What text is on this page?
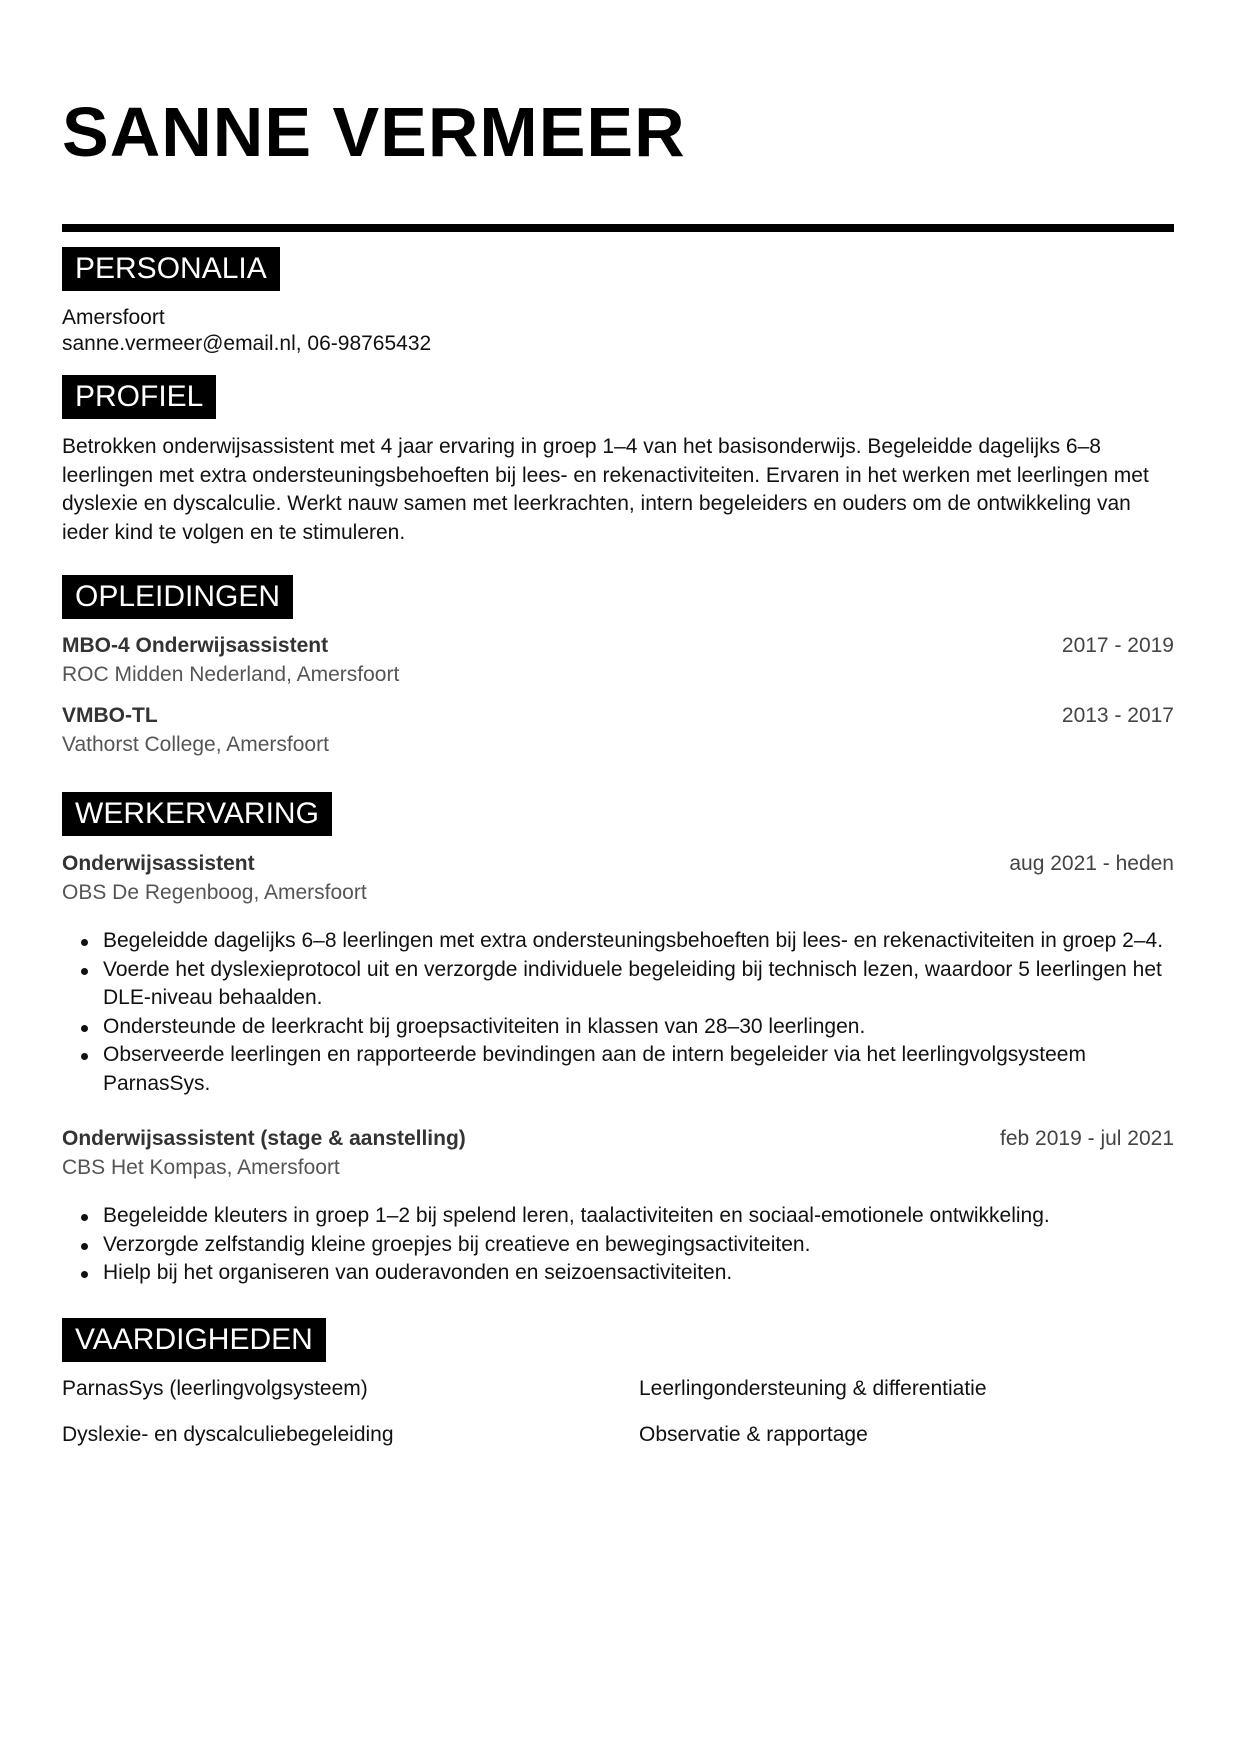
SANNE VERMEER
PERSONALIA
Amersfoort
sanne.vermeer@email.nl, 06-98765432
PROFIEL

Betrokken onderwijsassistent met 4 jaar ervaring in groep 1–4 van het basisonderwijs. Begeleidde dagelijks 6–8 leerlingen met extra ondersteuningsbehoeften bij lees- en rekenactiviteiten. Ervaren in het werken met leerlingen met dyslexie en dyscalculie. Werkt nauw samen met leerkrachten, intern begeleiders en ouders om de ontwikkeling van ieder kind te volgen en te stimuleren.

OPLEIDINGEN
MBO-4 Onderwijsassistent	2017 - 2019
ROC Midden Nederland, Amersfoort
VMBO-TL	2013 - 2017
Vathorst College, Amersfoort
WERKERVARING
Onderwijsassistent	aug 2021 - heden
OBS De Regenboog, Amersfoort
Begeleidde dagelijks 6–8 leerlingen met extra ondersteuningsbehoeften bij lees- en rekenactiviteiten in groep 2–4.
Voerde het dyslexieprotocol uit en verzorgde individuele begeleiding bij technisch lezen, waardoor 5 leerlingen het DLE-niveau behaalden.
Ondersteunde de leerkracht bij groepsactiviteiten in klassen van 28–30 leerlingen.
Observeerde leerlingen en rapporteerde bevindingen aan de intern begeleider via het leerlingvolgsysteem ParnasSys.
Onderwijsassistent (stage & aanstelling)	feb 2019 - jul 2021
CBS Het Kompas, Amersfoort
Begeleidde kleuters in groep 1–2 bij spelend leren, taalactiviteiten en sociaal-emotionele ontwikkeling.
Verzorgde zelfstandig kleine groepjes bij creatieve en bewegingsactiviteiten.
Hielp bij het organiseren van ouderavonden en seizoensactiviteiten.
VAARDIGHEDEN
ParnasSys (leerlingvolgsysteem)	Leerlingondersteuning & differentiatie
Dyslexie- en dyscalculiebegeleiding	Observatie & rapportage
